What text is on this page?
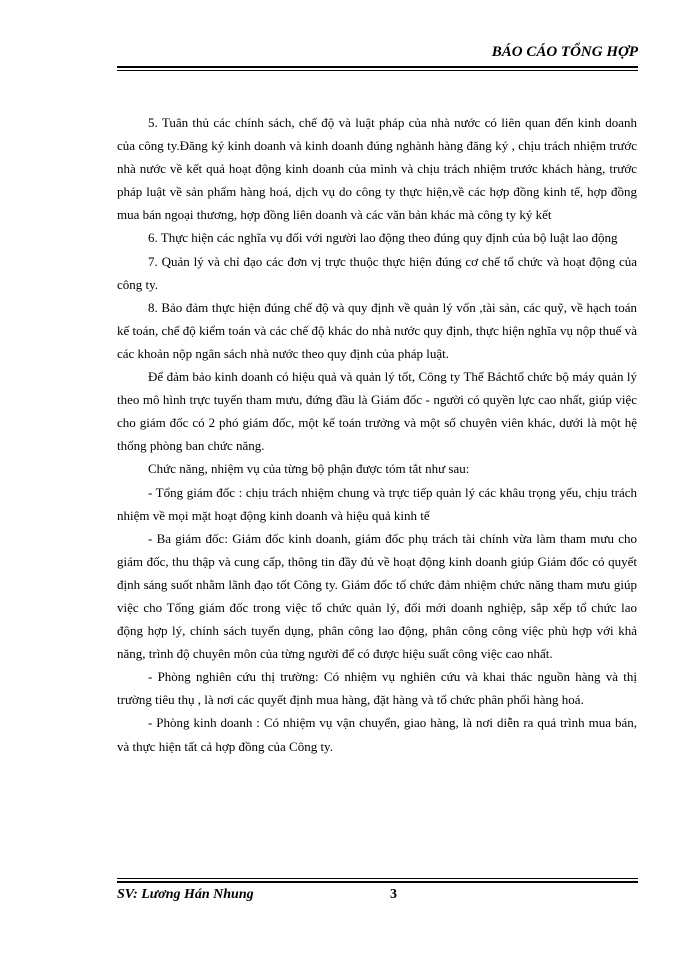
BÁO CÁO TỔNG HỢP

5. Tuân thủ các chính sách, chế độ và luật pháp của nhà nước có liên quan đến kinh doanh của công ty.Đăng ký kinh doanh và kinh doanh đúng nghành hàng đăng ký , chịu trách nhiệm trước nhà nước về kết quả hoạt động kinh doanh của mình và chịu trách nhiệm trước khách hàng, trước pháp luật về sản phẩm hàng hoá, dịch vụ do công ty thực hiện,về các hợp đồng kinh tế, hợp đồng mua bán ngoại thương, hợp đồng liên doanh và các văn bản khác mà công ty ký kết

6. Thực hiện các nghĩa vụ đối với người lao động theo đúng quy định của bộ luật lao động

7. Quản lý và chỉ đạo các đơn vị trực thuộc thực hiện đúng cơ chế tổ chức và hoạt động của công ty.

8. Bảo đảm thực hiện đúng chế độ và quy định về quản lý vốn ,tài sản, các quỹ, về hạch toán kế toán, chế độ kiểm toán và các chế độ khác do nhà nước quy định, thực hiện nghĩa vụ nộp thuế và các khoản nộp ngân sách nhà nước theo quy định của pháp luật.

Để đảm bảo kinh doanh có hiệu quả và quản lý tốt, Công ty Thế Báchtổ chức bộ máy quản lý theo mô hình trực tuyến tham mưu, đứng đầu là Giám đốc - người có quyền lực cao nhất, giúp việc cho giám đốc có 2 phó giám đốc, một kế toán trưởng và một số chuyên viên khác, dưới là một hệ thống phòng ban chức năng.

Chức năng, nhiệm vụ của từng bộ phận được tóm tắt như sau:

- Tổng giám đốc : chịu trách nhiệm chung và trực tiếp quản lý các khâu trọng yếu, chịu trách nhiệm về mọi mặt hoạt động kinh doanh và hiệu quả kinh tế

- Ba giám đốc: Giám đốc kinh doanh, giám đốc phụ trách tài chính vừa làm tham mưu cho giám đốc, thu thập và cung cấp, thông tin đầy đủ về hoạt động kinh doanh giúp Giám đốc có quyết định sáng suốt nhằm lãnh đạo tốt Công ty. Giám đốc tổ chức đảm nhiệm chức năng tham mưu giúp việc cho Tổng giám đốc trong việc tổ chức quản lý, đổi mới doanh nghiệp, sắp xếp tổ chức lao động hợp lý, chính sách tuyển dụng, phân công lao động, phân công công việc phù hợp với khả năng, trình độ chuyên môn của từng người để có được hiệu suất công việc cao nhất.

- Phòng nghiên cứu thị trường: Có nhiệm vụ nghiên cứu và khai thác nguồn hàng và thị trường tiêu thụ , là nơi các quyết định mua hàng, đặt hàng và tổ chức phân phối hàng hoá.

- Phòng kinh doanh : Có nhiệm vụ vận chuyển, giao hàng, là nơi diễn ra quá trình mua bán, và thực hiện tất cả hợp đồng của Công ty.

SV: Lương Hán Nhung	3
